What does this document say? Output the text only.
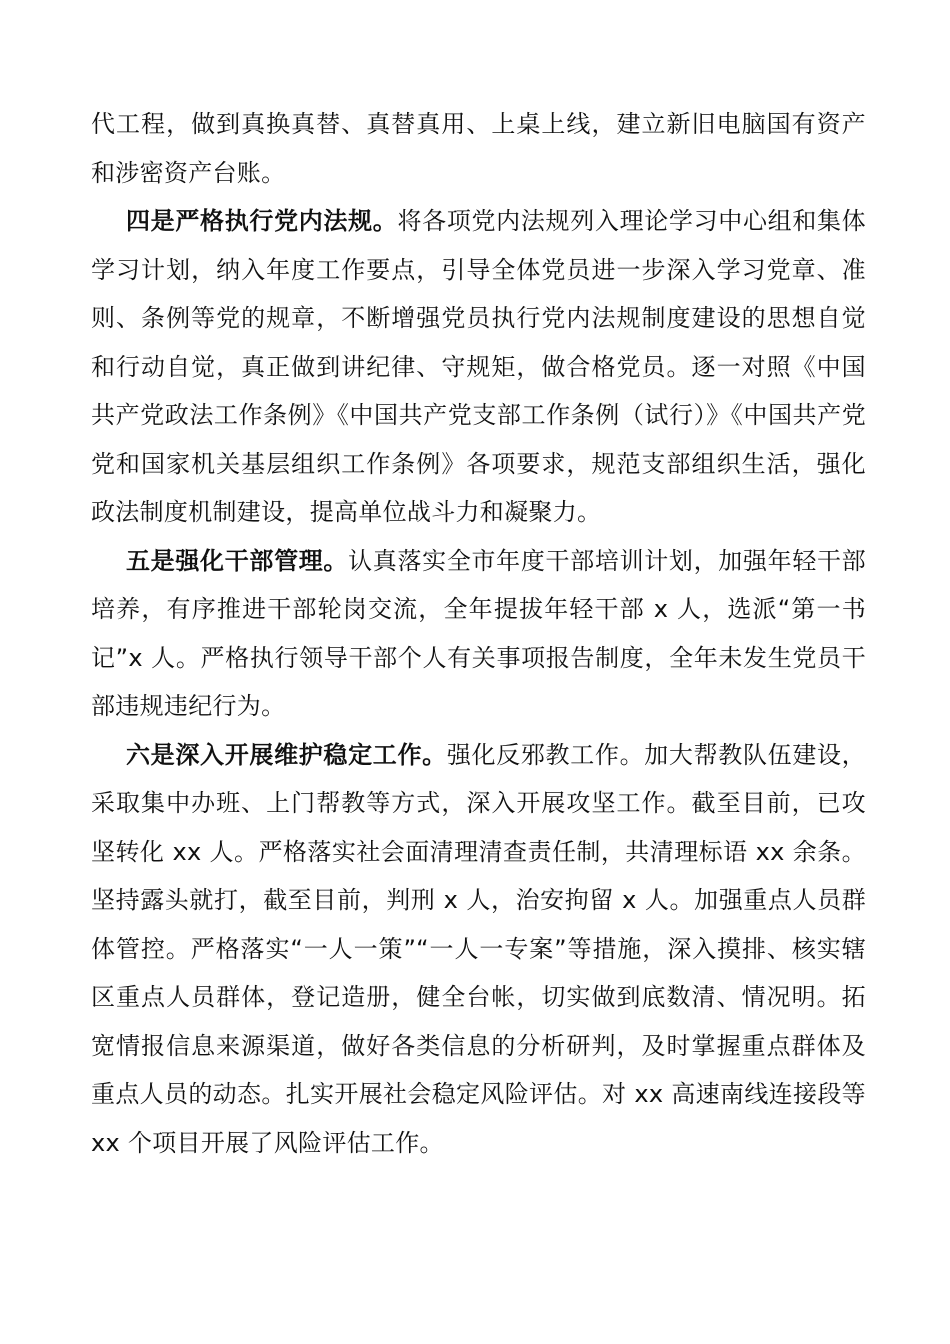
代工程，做到真换真替、真替真用、上桌上线，建立新旧电脑国有资产和涉密资产台账。

四是严格执行党内法规。将各项党内法规列入理论学习中心组和集体学习计划，纳入年度工作要点，引导全体党员进一步深入学习党章、准则、条例等党的规章，不断增强党员执行党内法规制度建设的思想自觉和行动自觉，真正做到讲纪律、守规矩，做合格党员。逐一对照《中国共产党政法工作条例》《中国共产党支部工作条例（试行）》《中国共产党党和国家机关基层组织工作条例》各项要求，规范支部组织生活，强化政法制度机制建设，提高单位战斗力和凝聚力。

五是强化干部管理。认真落实全市年度干部培训计划，加强年轻干部培养，有序推进干部轮岗交流，全年提拔年轻干部 x 人，选派“第一书记”x 人。严格执行领导干部个人有关事项报告制度，全年未发生党员干部违规违纪行为。

六是深入开展维护稳定工作。强化反邪教工作。加大帮教队伍建设，采取集中办班、上门帮教等方式，深入开展攻坚工作。截至目前，已攻坚转化 xx 人。严格落实社会面清理清查责任制，共清理标语 xx 余条。坚持露头就打，截至目前，判刑 x 人，治安拘留 x 人。加强重点人员群体管控。严格落实“一人一策”“一人一专案”等措施，深入摸排、核实辖区重点人员群体，登记造册，健全台帐，切实做到底数清、情况明。拓宽情报信息来源渠道，做好各类信息的分析研判，及时掌握重点群体及重点人员的动态。扎实开展社会稳定风险评估。对 xx 高速南线连接段等 xx 个项目开展了风险评估工作。
